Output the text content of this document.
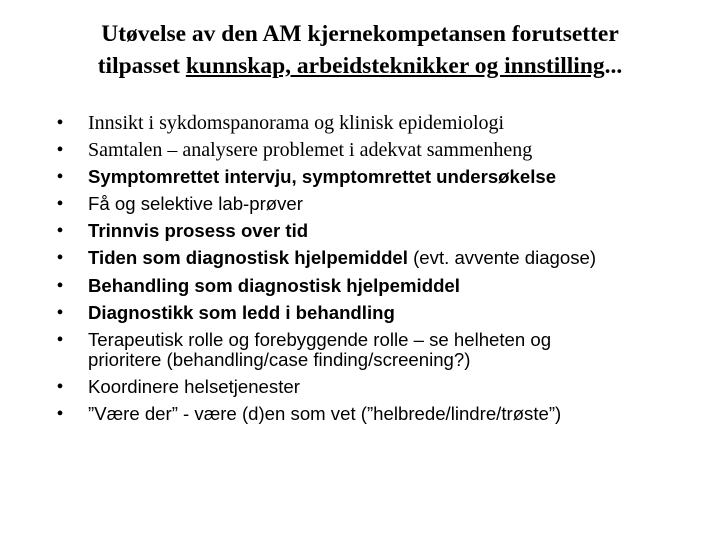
Utøvelse av den AM kjernekompetansen forutsetter
tilpasset kunnskap, arbeidsteknikker og innstilling...
•	Innsikt i sykdomspanorama og klinisk epidemiologi
•	Samtalen – analysere problemet i adekvat sammenheng
•	Symptomrettet intervju, symptomrettet undersøkelse
•	Få og selektive lab-prøver
•	Trinnvis prosess over tid
•	Tiden som diagnostisk hjelpemiddel (evt. avvente diagose)
•	Behandling som diagnostisk hjelpemiddel
•	Diagnostikk som ledd i behandling
•	Terapeutisk rolle og forebyggende rolle – se helheten og
prioritere (behandling/case finding/screening?)
•	Koordinere helsetjenester
•	”Være der” - være (d)en som vet (”helbrede/lindre/trøste”)
